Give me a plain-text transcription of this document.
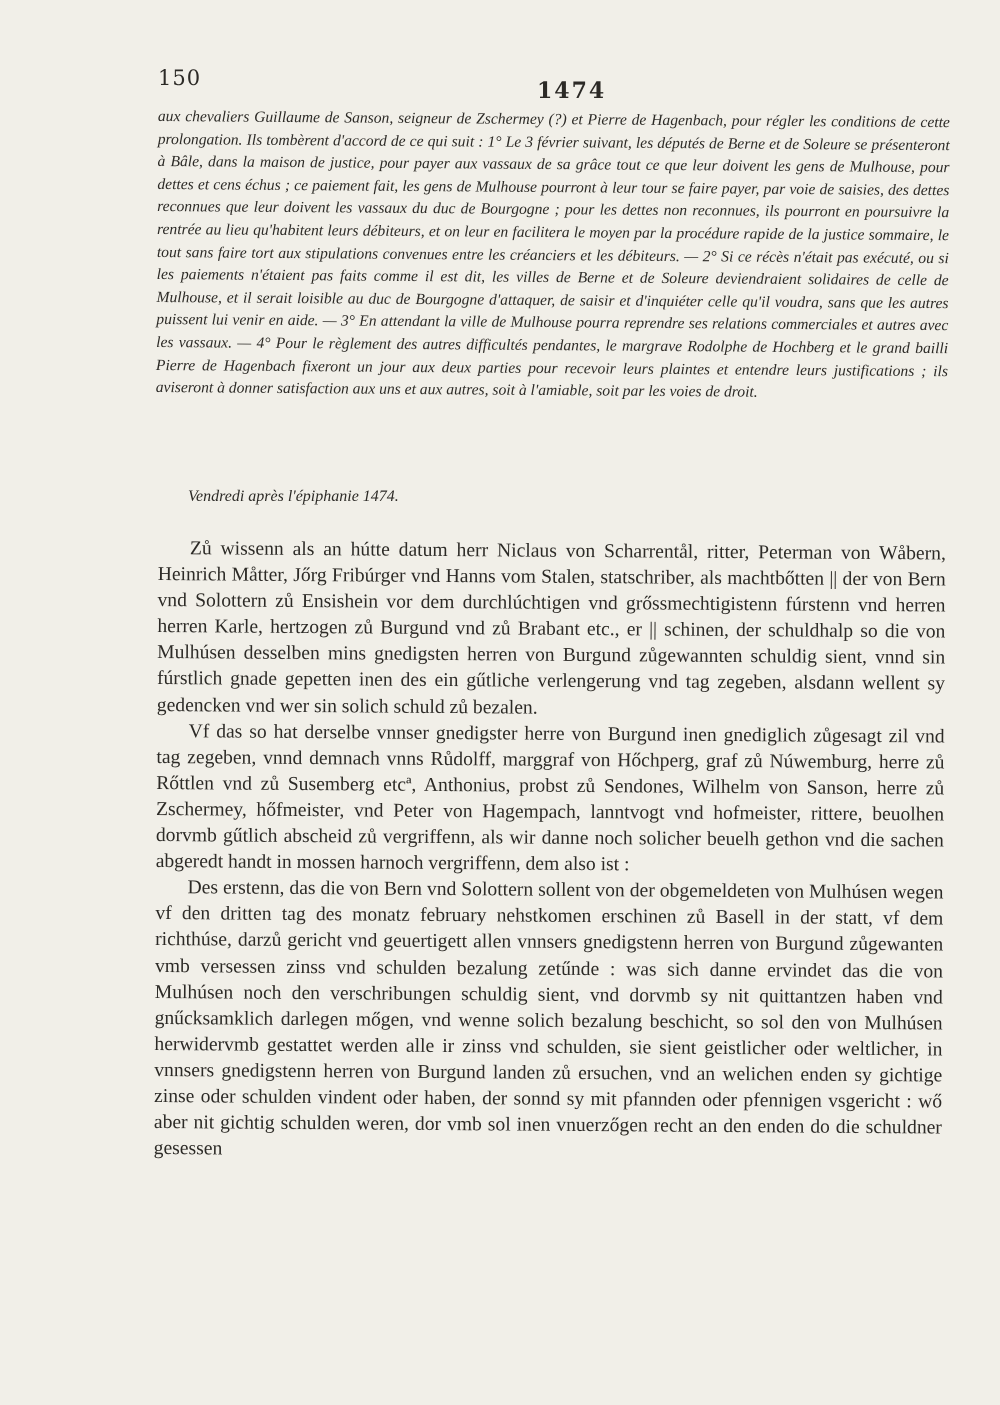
150	1474

aux chevaliers Guillaume de Sanson, seigneur de Zschermey (?) et Pierre de Hagenbach, pour régler les conditions de cette prolongation. Ils tombèrent d'accord de ce qui suit : 1° Le 3 février suivant, les députés de Berne et de Soleure se présenteront à Bâle, dans la maison de justice, pour payer aux vassaux de sa grâce tout ce que leur doivent les gens de Mulhouse, pour dettes et cens échus ; ce paiement fait, les gens de Mulhouse pourront à leur tour se faire payer, par voie de saisies, des dettes reconnues que leur doivent les vassaux du duc de Bourgogne ; pour les dettes non reconnues, ils pourront en poursuivre la rentrée au lieu qu'habitent leurs débiteurs, et on leur en facilitera le moyen par la procédure rapide de la justice sommaire, le tout sans faire tort aux stipulations convenues entre les créanciers et les débiteurs. — 2° Si ce récès n'était pas exécuté, ou si les paiements n'étaient pas faits comme il est dit, les villes de Berne et de Soleure deviendraient solidaires de celle de Mulhouse, et il serait loisible au duc de Bourgogne d'attaquer, de saisir et d'inquiéter celle qu'il voudra, sans que les autres puissent lui venir en aide. — 3° En attendant la ville de Mulhouse pourra reprendre ses relations commerciales et autres avec les vassaux. — 4° Pour le règlement des autres difficultés pendantes, le margrave Rodolphe de Hochberg et le grand bailli Pierre de Hagenbach fixeront un jour aux deux parties pour recevoir leurs plaintes et entendre leurs justifications ; ils aviseront à donner satisfaction aux uns et aux autres, soit à l'amiable, soit par les voies de droit.

Vendredi après l'épiphanie 1474.

Zů wissenn als an hútte datum herr Niclaus von Scharrentål, ritter, Peterman von Wåbern, Heinrich Måtter, Jőrg Fribúrger vnd Hanns vom Stalen, statschriber, als machtbőtten || der von Bern vnd Solottern zů Ensishein vor dem durchlúchtigen vnd grőssmechtigistenn fúrstenn vnd herren herren Karle, hertzogen zů Burgund vnd zů Brabant etc., er || schinen, der schuldhalp so die von Mulhúsen desselben mins gnedigsten herren von Burgund zůgewannten schuldig sient, vnnd sin fúrstlich gnade gepetten inen des ein gűtliche verlengerung vnd tag zegeben, alsdann wellent sy gedencken vnd wer sin solich schuld zů bezalen.

Vf das so hat derselbe vnnser gnedigster herre von Burgund inen gnediglich zůgesagt zil vnd tag zegeben, vnnd demnach vnns Růdolff, marggraf von Hőchperg, graf zů Núwemburg, herre zů Rőttlen vnd zů Susemberg etcª, Anthonius, probst zů Sendones, Wilhelm von Sanson, herre zů Zschermey, hőfmeister, vnd Peter von Hagempach, lanntvogt vnd hofmeister, rittere, beuolhen dorvmb gűtlich abscheid zů vergriffenn, als wir danne noch solicher beuelh gethon vnd die sachen abgeredt handt in mossen harnoch vergriffenn, dem also ist :

Des erstenn, das die von Bern vnd Solottern sollent von der obgemeldeten von Mulhúsen wegen vf den dritten tag des monatz february nehstkomen erschinen zů Basell in der statt, vf dem richthúse, darzů gericht vnd geuertigett allen vnnsers gnedigstenn herren von Burgund zůgewanten vmb versessen zinss vnd schulden bezalung zetűnde : was sich danne ervindet das die von Mulhúsen noch den verschribungen schuldig sient, vnd dorvmb sy nit quittantzen haben vnd gnűcksamklich darlegen mőgen, vnd wenne solich bezalung beschicht, so sol den von Mulhúsen herwidervmb gestattet werden alle ir zinss vnd schulden, sie sient geistlicher oder weltlicher, in vnnsers gnedigstenn herren von Burgund landen zů ersuchen, vnd an welichen enden sy gichtige zinse oder schulden vindent oder haben, der sonnd sy mit pfannden oder pfennigen vsgericht : wő aber nit gichtig schulden weren, dor vmb sol inen vnuerzőgen recht an den enden do die schuldner gesessen
